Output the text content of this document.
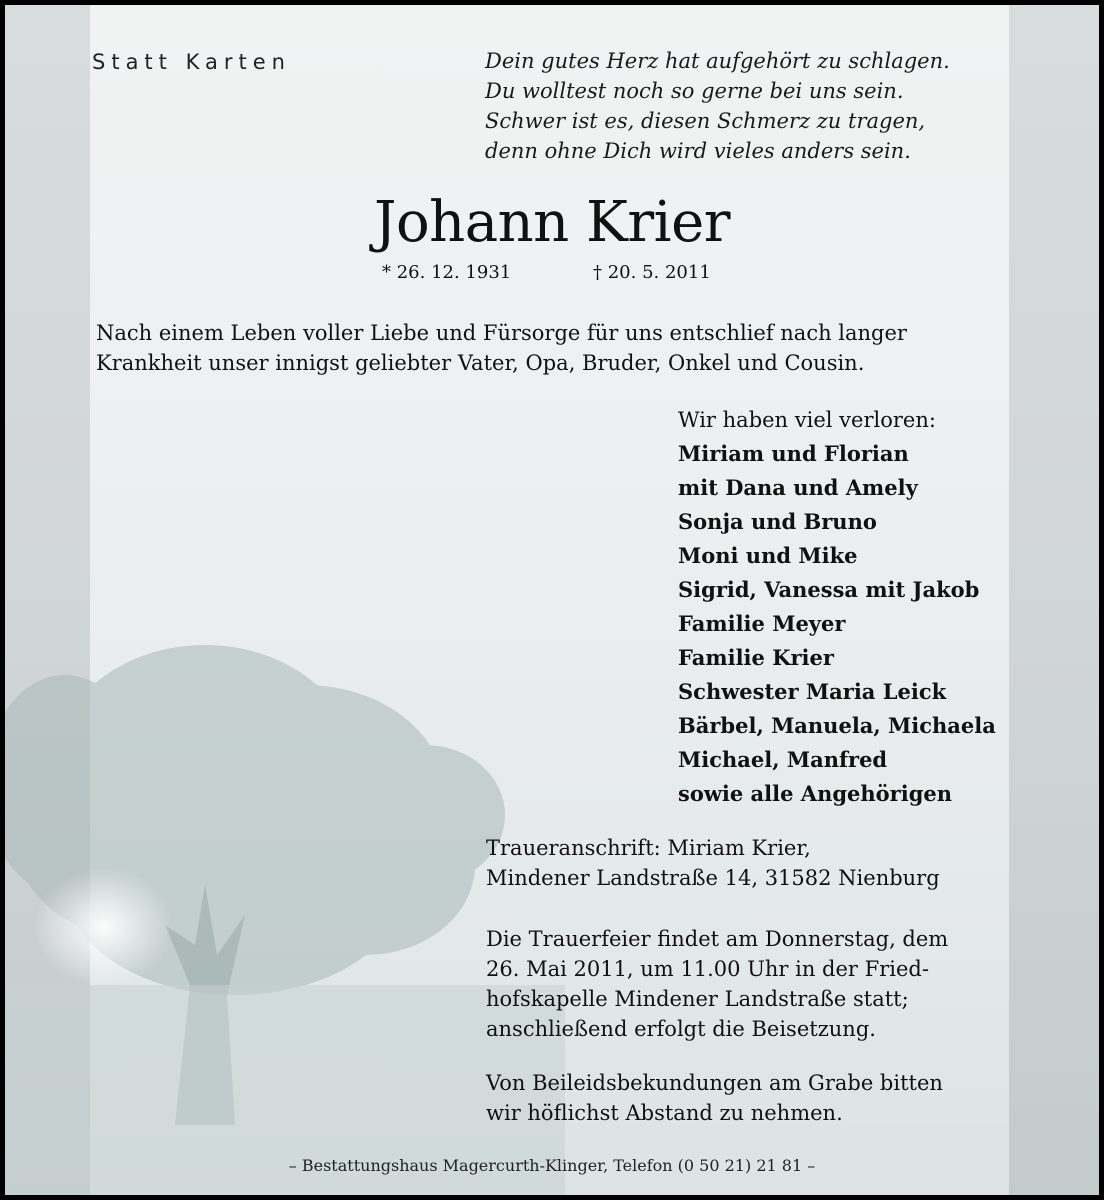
Statt Karten	Dein gutes Herz hat aufgehört zu schlagen.
Du wolltest noch so gerne bei uns sein.
Schwer ist es, diesen Schmerz zu tragen,
denn ohne Dich wird vieles anders sein.
Johann Krier
* 26. 12. 1931	† 20. 5. 2011
Nach einem Leben voller Liebe und Fürsorge für uns entschlief nach langer
Krankheit unser innigst geliebter Vater, Opa, Bruder, Onkel und Cousin.
Wir haben viel verloren:
Miriam und Florian
mit Dana und Amely
Sonja und Bruno
Moni und Mike
Sigrid, Vanessa mit Jakob
Familie Meyer
Familie Krier
Schwester Maria Leick
Bärbel, Manuela, Michaela
Michael, Manfred
sowie alle Angehörigen
Traueranschrift: Miriam Krier,
Mindener Landstraße 14, 31582 Nienburg
Die Trauerfeier findet am Donnerstag, dem
26. Mai 2011, um 11.00 Uhr in der Fried-
hofskapelle Mindener Landstraße statt;
anschließend erfolgt die Beisetzung.
Von Beileidsbekundungen am Grabe bitten
wir höflichst Abstand zu nehmen.
– Bestattungshaus Magercurth-Klinger, Telefon (0 50 21) 21 81 –
